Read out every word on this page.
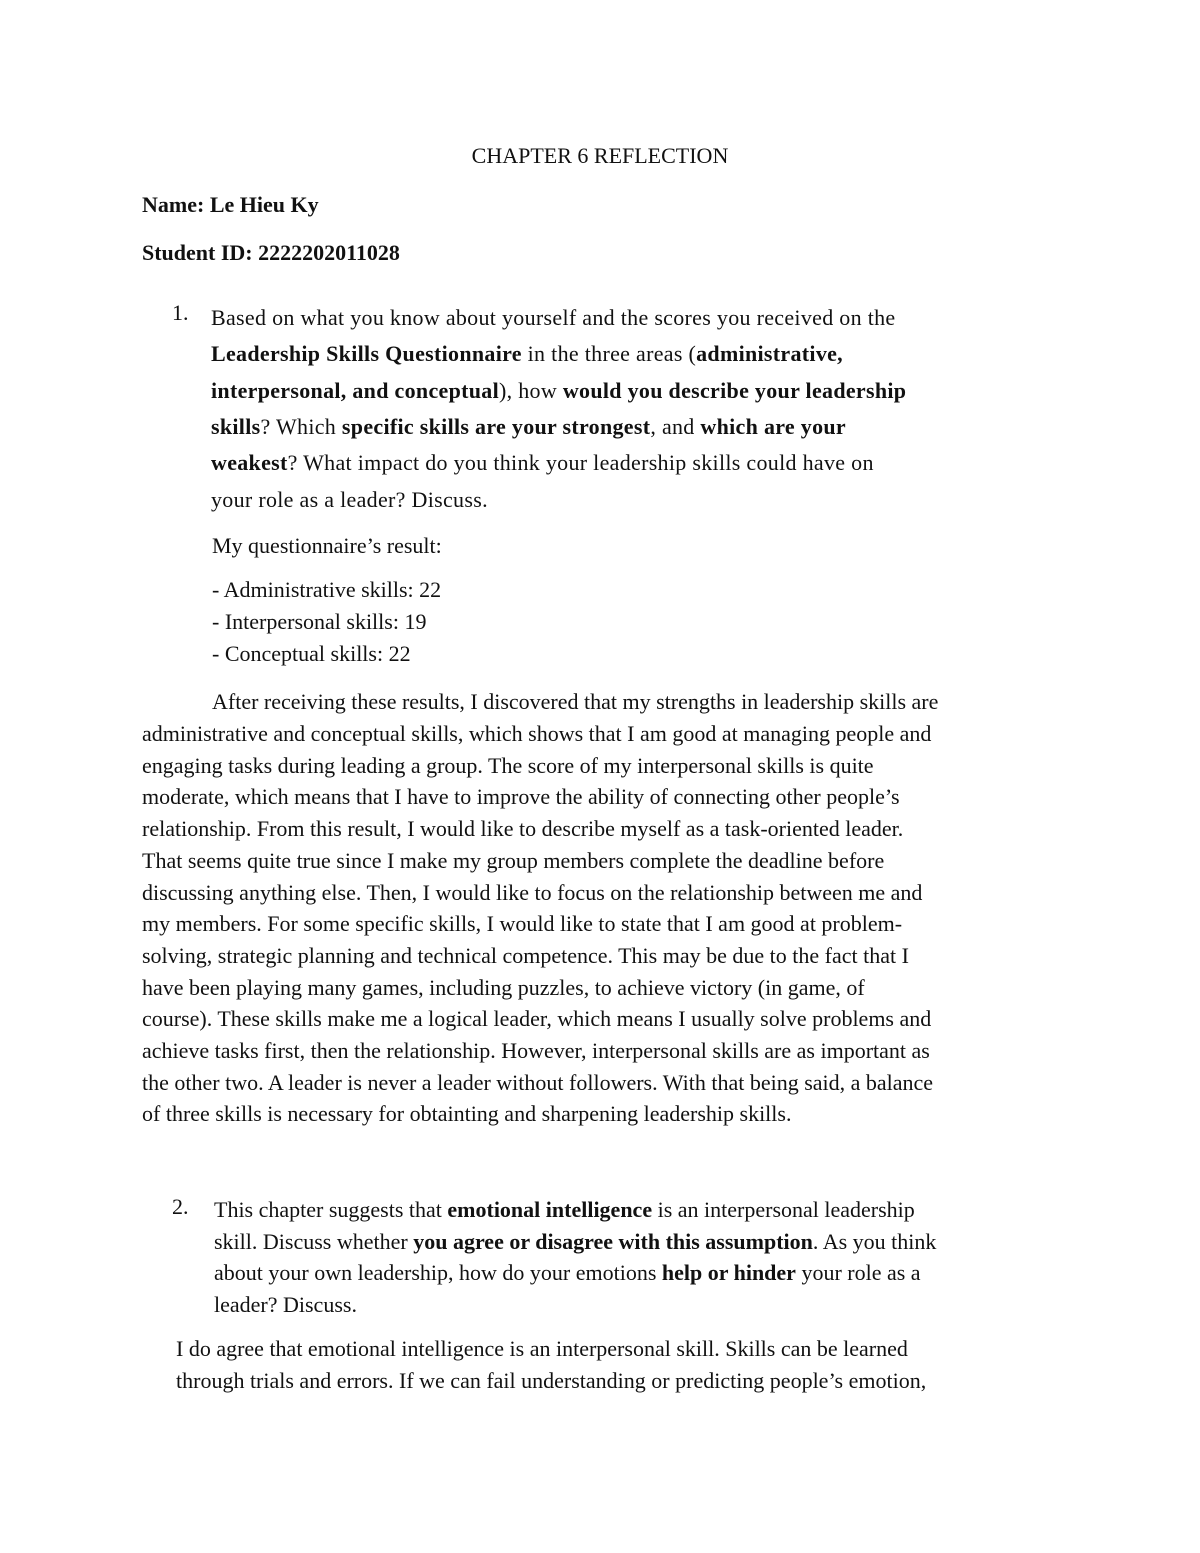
CHAPTER 6 REFLECTION
Name: Le Hieu Ky
Student ID: 2222202011028
1. Based on what you know about yourself and the scores you received on the
Leadership Skills Questionnaire in the three areas (administrative,
interpersonal, and conceptual), how would you describe your leadership
skills? Which specific skills are your strongest, and which are your
weakest? What impact do you think your leadership skills could have on
your role as a leader? Discuss.
My questionnaire’s result:
- Administrative skills: 22
- Interpersonal skills: 19
- Conceptual skills: 22
After receiving these results, I discovered that my strengths in leadership skills are
administrative and conceptual skills, which shows that I am good at managing people and
engaging tasks during leading a group. The score of my interpersonal skills is quite
moderate, which means that I have to improve the ability of connecting other people’s
relationship. From this result, I would like to describe myself as a task-oriented leader.
That seems quite true since I make my group members complete the deadline before
discussing anything else. Then, I would like to focus on the relationship between me and
my members. For some specific skills, I would like to state that I am good at problem-
solving, strategic planning and technical competence. This may be due to the fact that I
have been playing many games, including puzzles, to achieve victory (in game, of
course). These skills make me a logical leader, which means I usually solve problems and
achieve tasks first, then the relationship. However, interpersonal skills are as important as
the other two. A leader is never a leader without followers. With that being said, a balance
of three skills is necessary for obtainting and sharpening leadership skills.
2. This chapter suggests that emotional intelligence is an interpersonal leadership
skill. Discuss whether you agree or disagree with this assumption. As you think
about your own leadership, how do your emotions help or hinder your role as a
leader? Discuss.
I do agree that emotional intelligence is an interpersonal skill. Skills can be learned
through trials and errors. If we can fail understanding or predicting people’s emotion,
